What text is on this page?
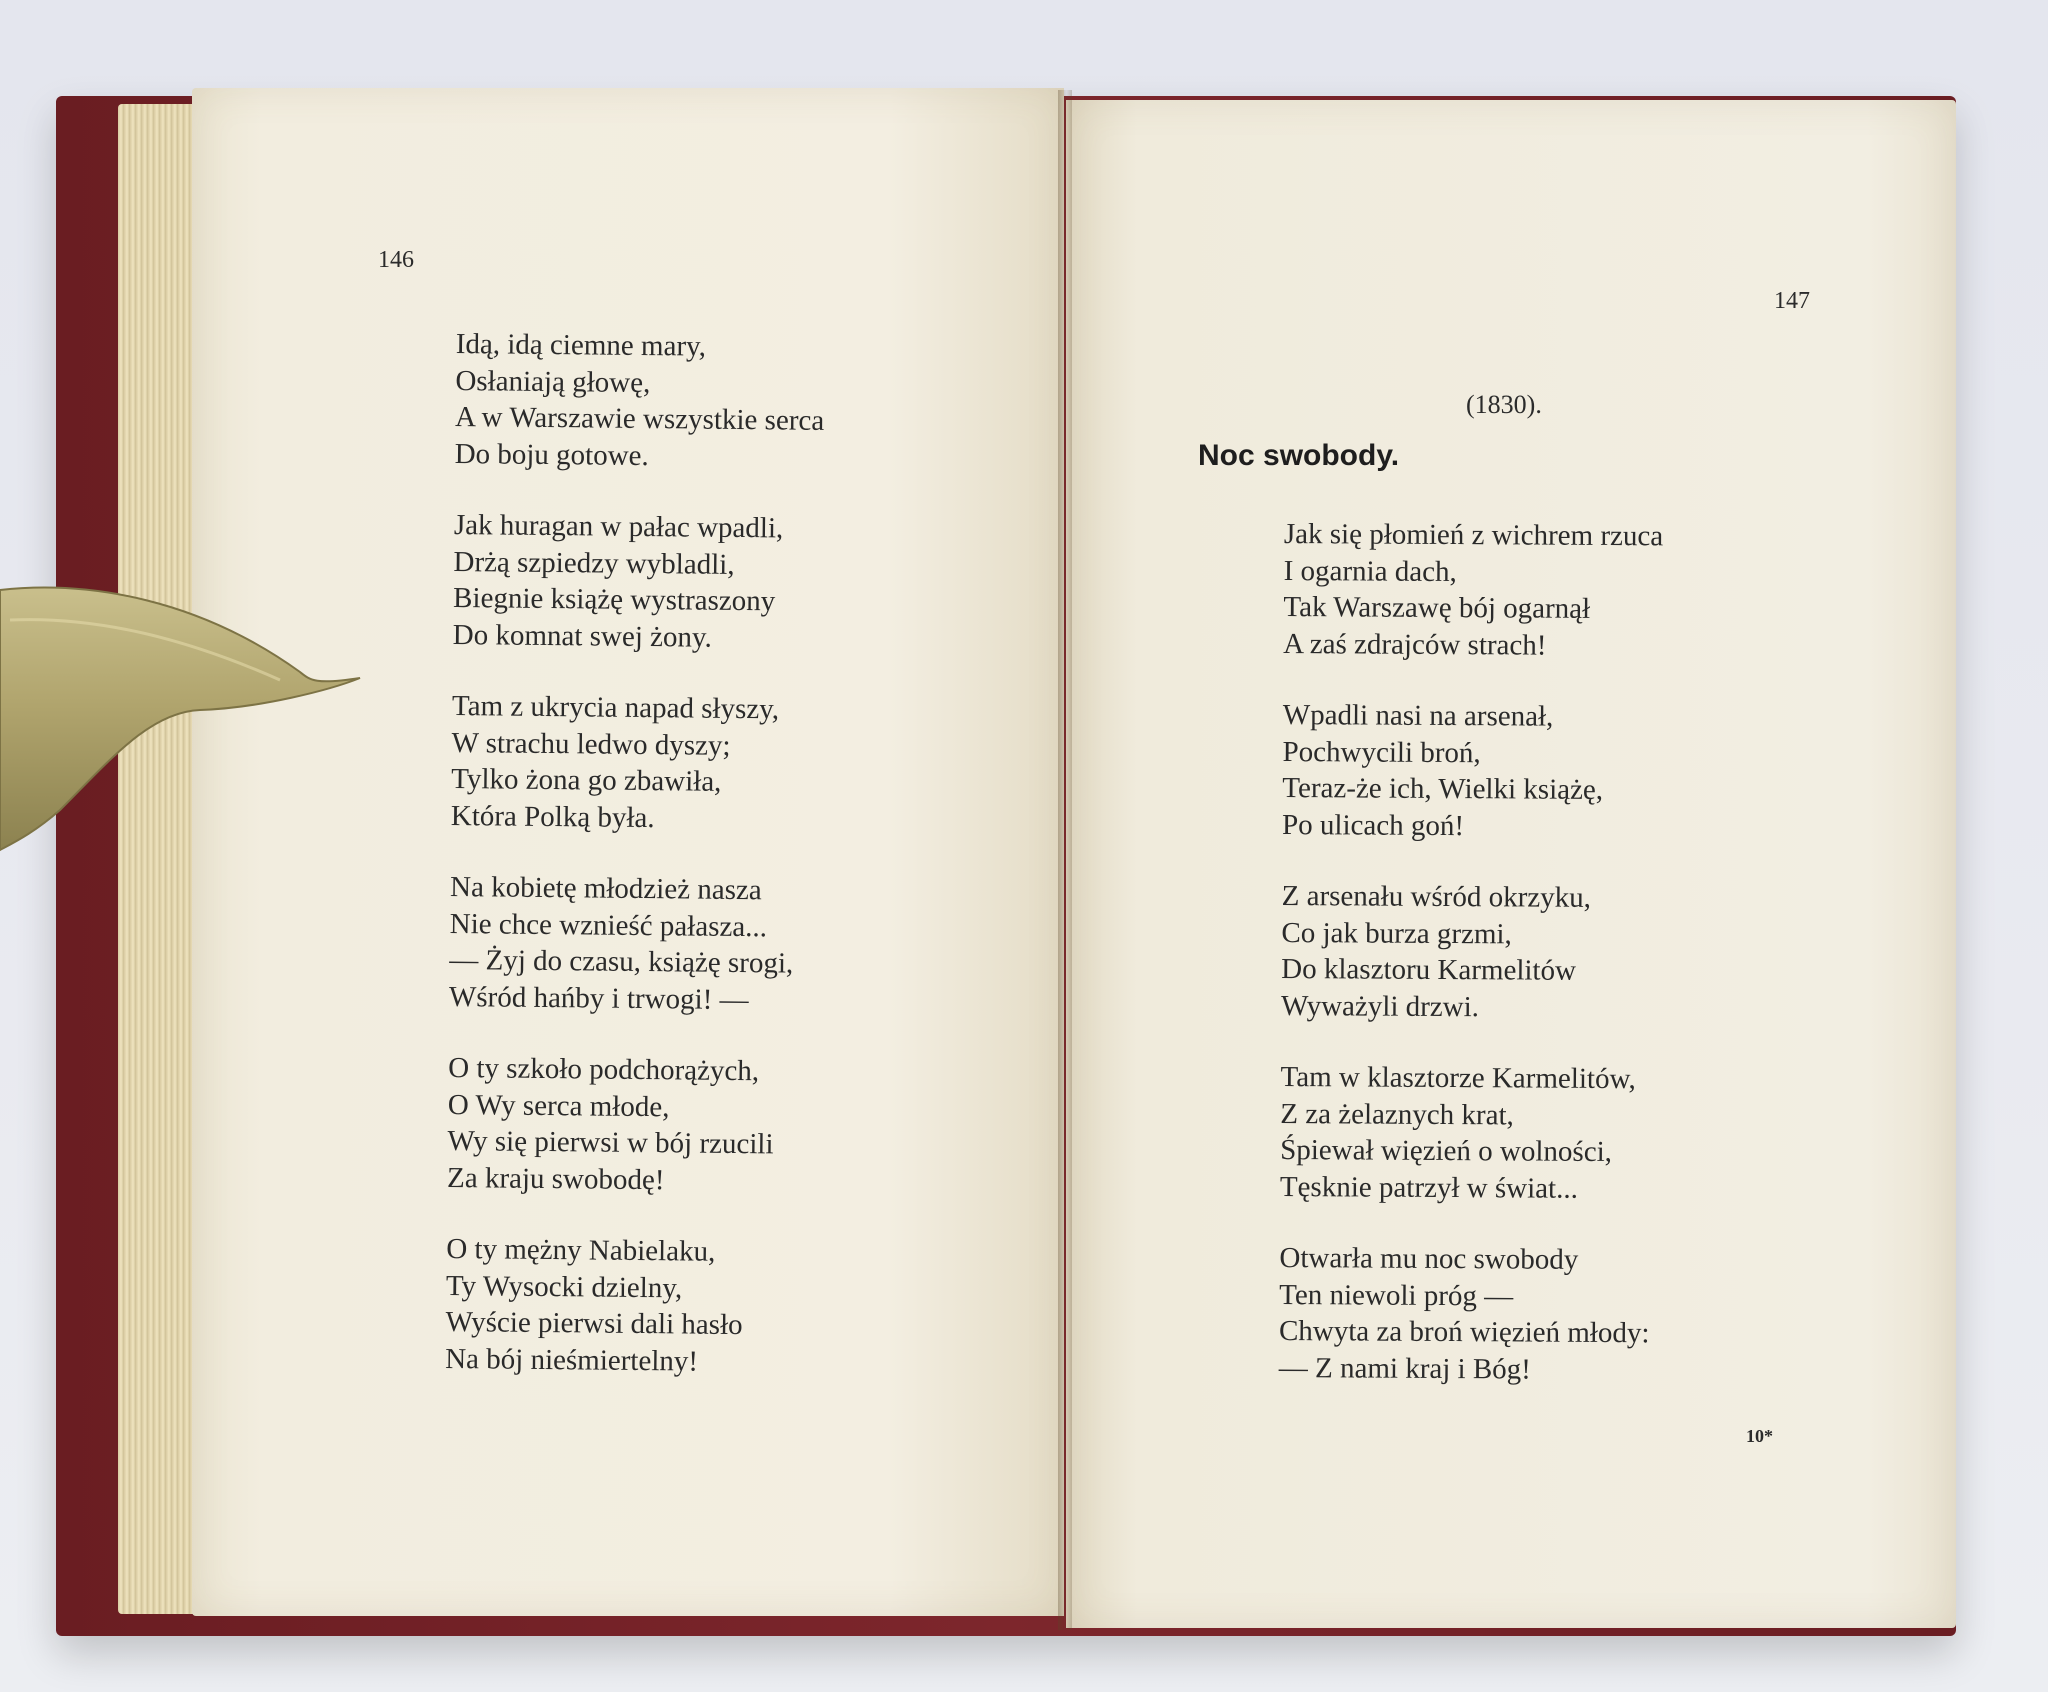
146
Idą, idą ciemne mary,
Osłaniają głowę,
A w Warszawie wszystkie serca
Do boju gotowe.
Jak huragan w pałac wpadli,
Drżą szpiedzy wybladli,
Biegnie książę wystraszony
Do komnat swej żony.
Tam z ukrycia napad słyszy,
W strachu ledwo dyszy;
Tylko żona go zbawiła,
Która Polką była.
Na kobietę młodzież nasza
Nie chce wznieść pałasza...
— Żyj do czasu, książę srogi,
Wśród hańby i trwogi! —
O ty szkoło podchorążych,
O Wy serca młode,
Wy się pierwsi w bój rzucili
Za kraju swobodę!
O ty mężny Nabielaku,
Ty Wysocki dzielny,
Wyście pierwsi dali hasło
Na bój nieśmiertelny!
147
(1830).
Noc swobody.
Jak się płomień z wichrem rzuca
I ogarnia dach,
Tak Warszawę bój ogarnął
A zaś zdrajców strach!
Wpadli nasi na arsenał,
Pochwycili broń,
Teraz-że ich, Wielki książę,
Po ulicach goń!
Z arsenału wśród okrzyku,
Co jak burza grzmi,
Do klasztoru Karmelitów
Wyważyli drzwi.
Tam w klasztorze Karmelitów,
Z za żelaznych krat,
Śpiewał więzień o wolności,
Tęsknie patrzył w świat...
Otwarła mu noc swobody
Ten niewoli próg —
Chwyta za broń więzień młody:
— Z nami kraj i Bóg!
10*
